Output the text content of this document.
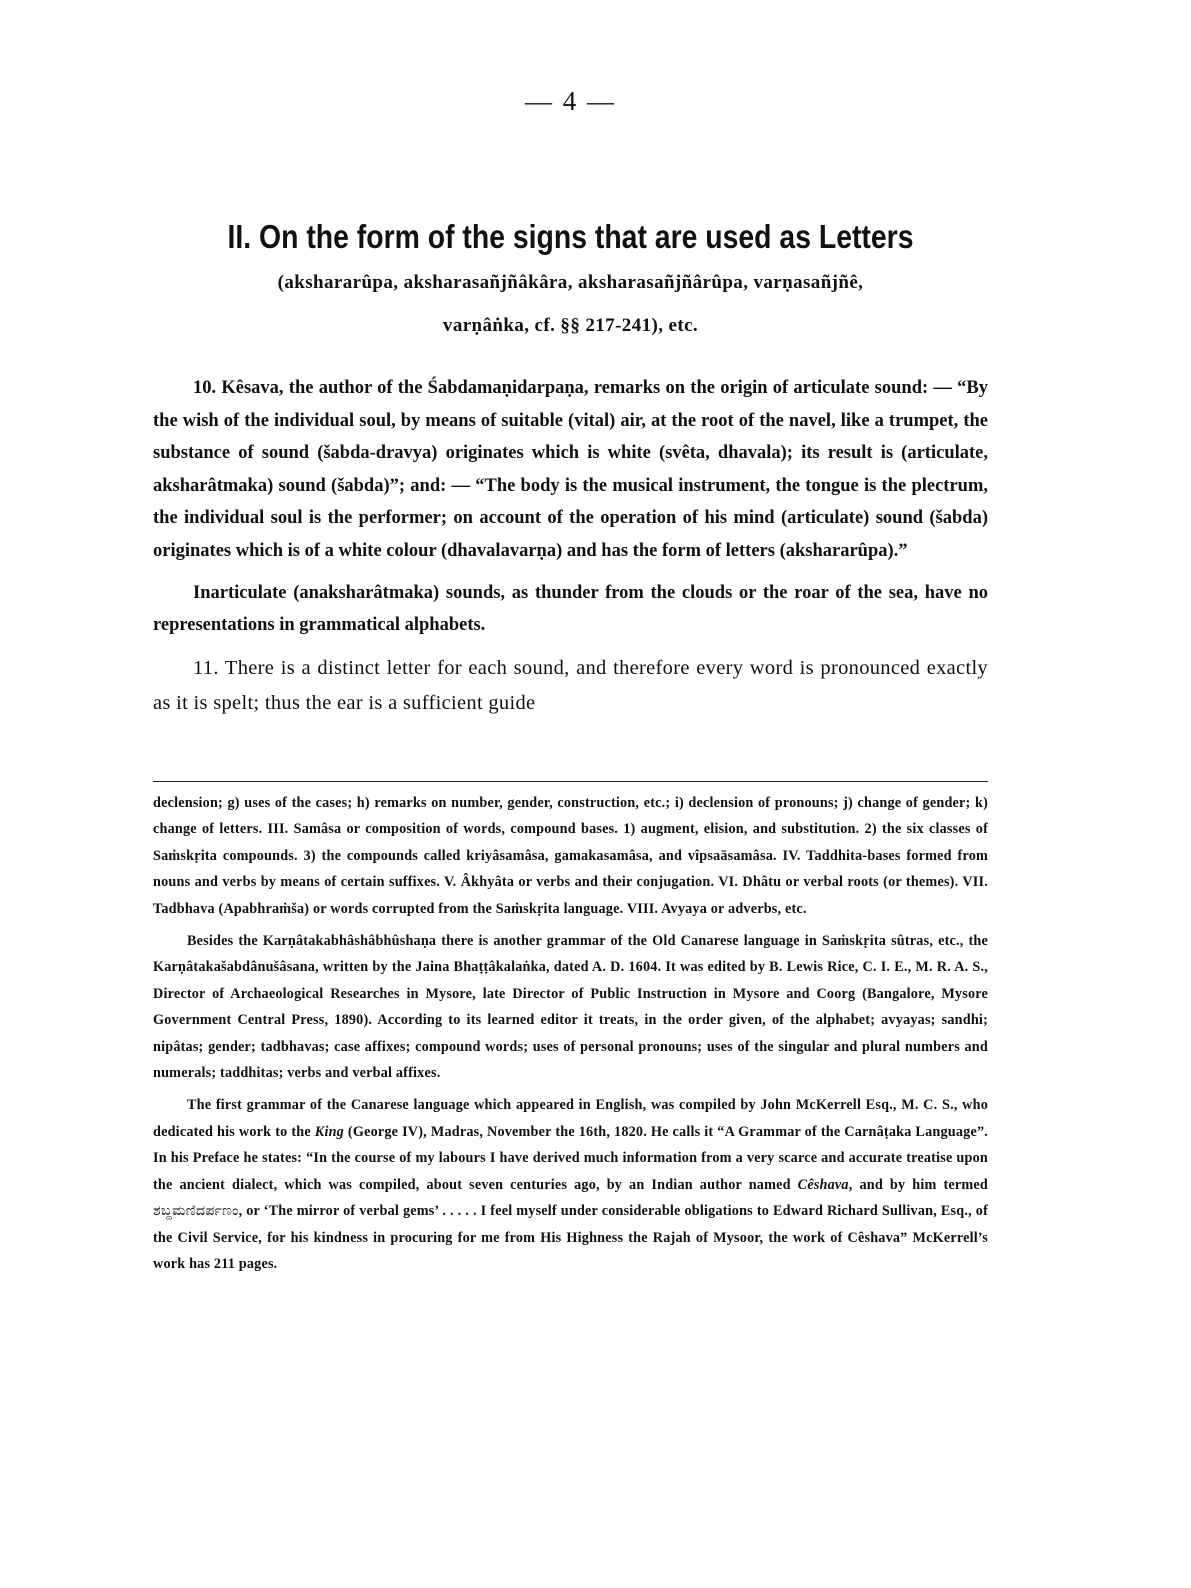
— 4 —
II. On the form of the signs that are used as Letters
(akshararûpa, aksharasañjñâkâra, aksharasañjñârûpa, varṇasañjñê,
varṇâṅka, cf. §§ 217-241), etc.

10. Kêsava, the author of the Śabdamaṇidarpaṇa, remarks on the origin of articulate sound: — “By the wish of the individual soul, by means of suitable (vital) air, at the root of the navel, like a trumpet, the substance of sound (šabda-dravya) originates which is white (svêta, dhavala); its result is (articulate, aksharâtmaka) sound (šabda)”; and: — “The body is the musical instrument, the tongue is the plectrum, the individual soul is the performer; on account of the operation of his mind (articulate) sound (šabda) originates which is of a white colour (dhavalavarṇa) and has the form of letters (akshararûpa).”

Inarticulate (anaksharâtmaka) sounds, as thunder from the clouds or the roar of the sea, have no representations in grammatical alphabets.

11. There is a distinct letter for each sound, and therefore every word is pronounced exactly as it is spelt; thus the ear is a sufficient guide

declension; g) uses of the cases; h) remarks on number, gender, construction, etc.; i) declension of pronouns; j) change of gender; k) change of letters. III. Samâsa or composition of words, compound bases. 1) augment, elision, and substitution. 2) the six classes of Saṁskṛita compounds. 3) the compounds called kriyâsamâsa, gamakasamâsa, and vîpsaāsamâsa. IV. Taddhita-bases formed from nouns and verbs by means of certain suffixes. V. Âkhyâta or verbs and their conjugation. VI. Dhâtu or verbal roots (or themes). VII. Tadbhava (Apabhraṁša) or words corrupted from the Saṁskṛita language. VIII. Avyaya or adverbs, etc.

Besides the Karṇâtakabhâshâbhûshaṇa there is another grammar of the Old Canarese language in Saṁskṛita sûtras, etc., the Karṇâtakašabdânušâsana, written by the Jaina Bhaṭṭâkalaṅka, dated A. D. 1604. It was edited by B. Lewis Rice, C. I. E., M. R. A. S., Director of Archaeological Researches in Mysore, late Director of Public Instruction in Mysore and Coorg (Bangalore, Mysore Government Central Press, 1890). According to its learned editor it treats, in the order given, of the alphabet; avyayas; sandhi; nipâtas; gender; tadbhavas; case affixes; compound words; uses of personal pronouns; uses of the singular and plural numbers and numerals; taddhitas; verbs and verbal affixes.

The first grammar of the Canarese language which appeared in English, was compiled by John McKerrell Esq., M. C. S., who dedicated his work to the King (George IV), Madras, November the 16th, 1820. He calls it “A Grammar of the Carnâṭaka Language”. In his Preface he states: “In the course of my labours I have derived much information from a very scarce and accurate treatise upon the ancient dialect, which was compiled, about seven centuries ago, by an Indian author named Cêshava, and by him termed ಶಬ್ದಮಣಿದರ್ಪಣಂ, or ‘The mirror of verbal gems’ . . . . . I feel myself under considerable obligations to Edward Richard Sullivan, Esq., of the Civil Service, for his kindness in procuring for me from His Highness the Rajah of Mysoor, the work of Cêshava” McKerrell’s work has 211 pages.
